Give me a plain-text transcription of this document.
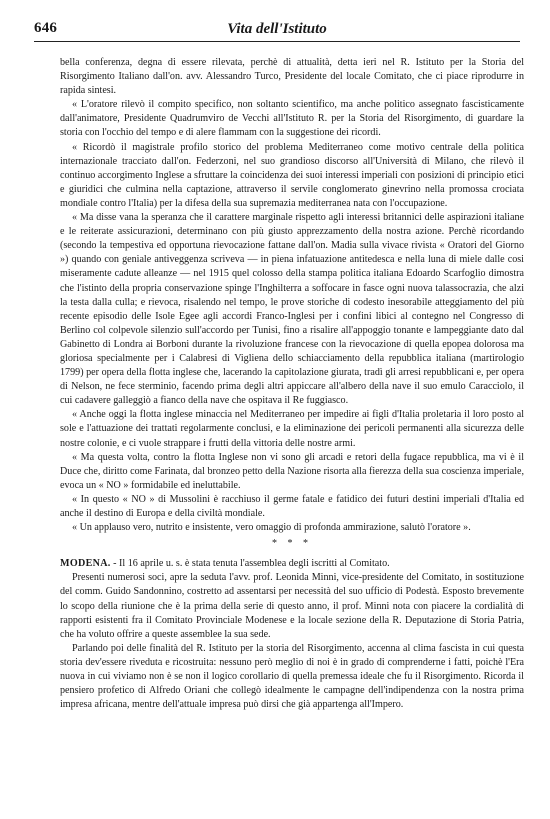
646	Vita dell'Istituto

bella conferenza, degna di essere rilevata, perchè di attualità, detta ieri nel R. Istituto per la Storia del Risorgimento Italiano dall'on. avv. Alessandro Turco, Presidente del locale Comitato, che ci piace riprodurre in rapida sintesi.

« L'oratore rilevò il compito specifico, non soltanto scientifico, ma anche politico assegnato fascisticamente dall'animatore, Presidente Quadrumviro de Vecchi all'Istituto R. per la Storia del Risorgimento, di guardare la storia con l'occhio del tempo e di alere flammam con la suggestione dei ricordi.

« Ricordò il magistrale profilo storico del problema Mediterraneo come motivo centrale della politica internazionale tracciato dall'on. Federzoni, nel suo grandioso discorso all'Università di Milano, che rilevò il continuo accorgimento Inglese a sfruttare la coincidenza dei suoi interessi imperiali con posizioni di principio etici e giuridici che culmina nella captazione, attraverso il servile conglomerato ginevrino nella promossa crociata mondiale contro l'Italia) per la difesa della sua supremazia mediterranea nata con l'occupazione.

« Ma disse vana la speranza che il carattere marginale rispetto agli interessi britannici delle aspirazioni italiane e le reiterate assicurazioni, determinano con più giusto apprezzamento della nostra azione. Perchè ricordando (secondo la tempestiva ed opportuna rievocazione fattane dall'on. Madia sulla vivace rivista « Oratori del Giorno ») quando con geniale antiveggenza scriveva — in piena infatuazione antitedesca e nella luna di miele dalle cosi miseramente cadute alleanze — nel 1915 quel colosso della stampa politica italiana Edoardo Scarfoglio dimostra che l'istinto della propria conservazione spinge l'Inghilterra a soffocare in fasce ogni nuova talassocrazia, che alzi la testa dalla culla; e rievoca, risalendo nel tempo, le prove storiche di codesto inesorabile atteggiamento del più recente episodio delle Isole Egee agli accordi Franco-Inglesi per i confini libici al contegno nel Congresso di Berlino col colpevole silenzio sull'accordo per Tunisi, fino a risalire all'appoggio tonante e lampeggiante dato dal Gabinetto di Londra ai Borboni durante la rivoluzione francese con la rievocazione di quella epopea dolorosa ma gloriosa specialmente per i Calabresi di Viglienа dello schiacciamento della repubblica italiana (martirologio 1799) per opera della flotta inglese che, lacerando la capitolazione giurata, tradì gli arresi repubblicani e, per opera di Nelson, ne fece sterminio, facendo prima degli altri appiccare all'albero della nave il suo emulo Caracciolo, il cui cadavere galleggiò a fianco della nave che ospitava il Re fuggiasco.

« Anche oggi la flotta inglese minaccia nel Mediterraneo per impedire ai figli d'Italia proletaria il loro posto al sole e l'attuazione dei trattati regolarmente conclusi, e la eliminazione dei pericoli permanenti alla sicurezza delle nostre colonie, e ci vuole strappare i frutti della vittoria delle nostre armi.

« Ma questa volta, contro la flotta Inglese non vi sono gli arcadi e retori della fugace repubblica, ma vi è il Duce che, diritto come Farinata, dal bronzeo petto della Nazione risorta alla fierezza della sua coscienza imperiale, evoca un « NO » formidabile ed ineluttabile.

« In questo « NO » di Mussolini è racchiuso il germe fatale e fatidico dei futuri destini imperiali d'Italia ed anche il destino di Europa e della civiltà mondiale.

« Un applauso vero, nutrito e insistente, vero omaggio di profonda ammirazione, salutò l'oratore ».

* * *

MODENA. - Il 16 aprile u. s. è stata tenuta l'assemblea degli iscritti al Comitato.

Presenti numerosi soci, apre la seduta l'avv. prof. Leonida Minni, vice-presidente del Comitato, in sostituzione del comm. Guido Sandonnino, costretto ad assentarsi per necessità del suo ufficio di Podestà. Esposto brevemente lo scopo della riunione che è la prima della serie di questo anno, il prof. Minni nota con piacere la cordialità di rapporti esistenti fra il Comitato Provinciale Modenese e la locale sezione della R. Deputazione di Storia Patria, che ha voluto offrire a queste assemblee la sua sede.

Parlando poi delle finalità del R. Istituto per la storia del Risorgimento, accenna al clima fascista in cui questa storia dev'essere riveduta e ricostruita: nessuno però meglio di noi è in grado di comprenderne i fatti, poichè l'Era nuova in cui viviamo non è se non il logico corollario di quella premessa ideale che fu il Risorgimento. Ricorda il pensiero profetico di Alfredo Oriani che collegò idealmente le campagne dell'indipendenza con la nostra prima impresa africana, mentre dell'attuale impresa può dirsi che già appartenga all'Impero.
